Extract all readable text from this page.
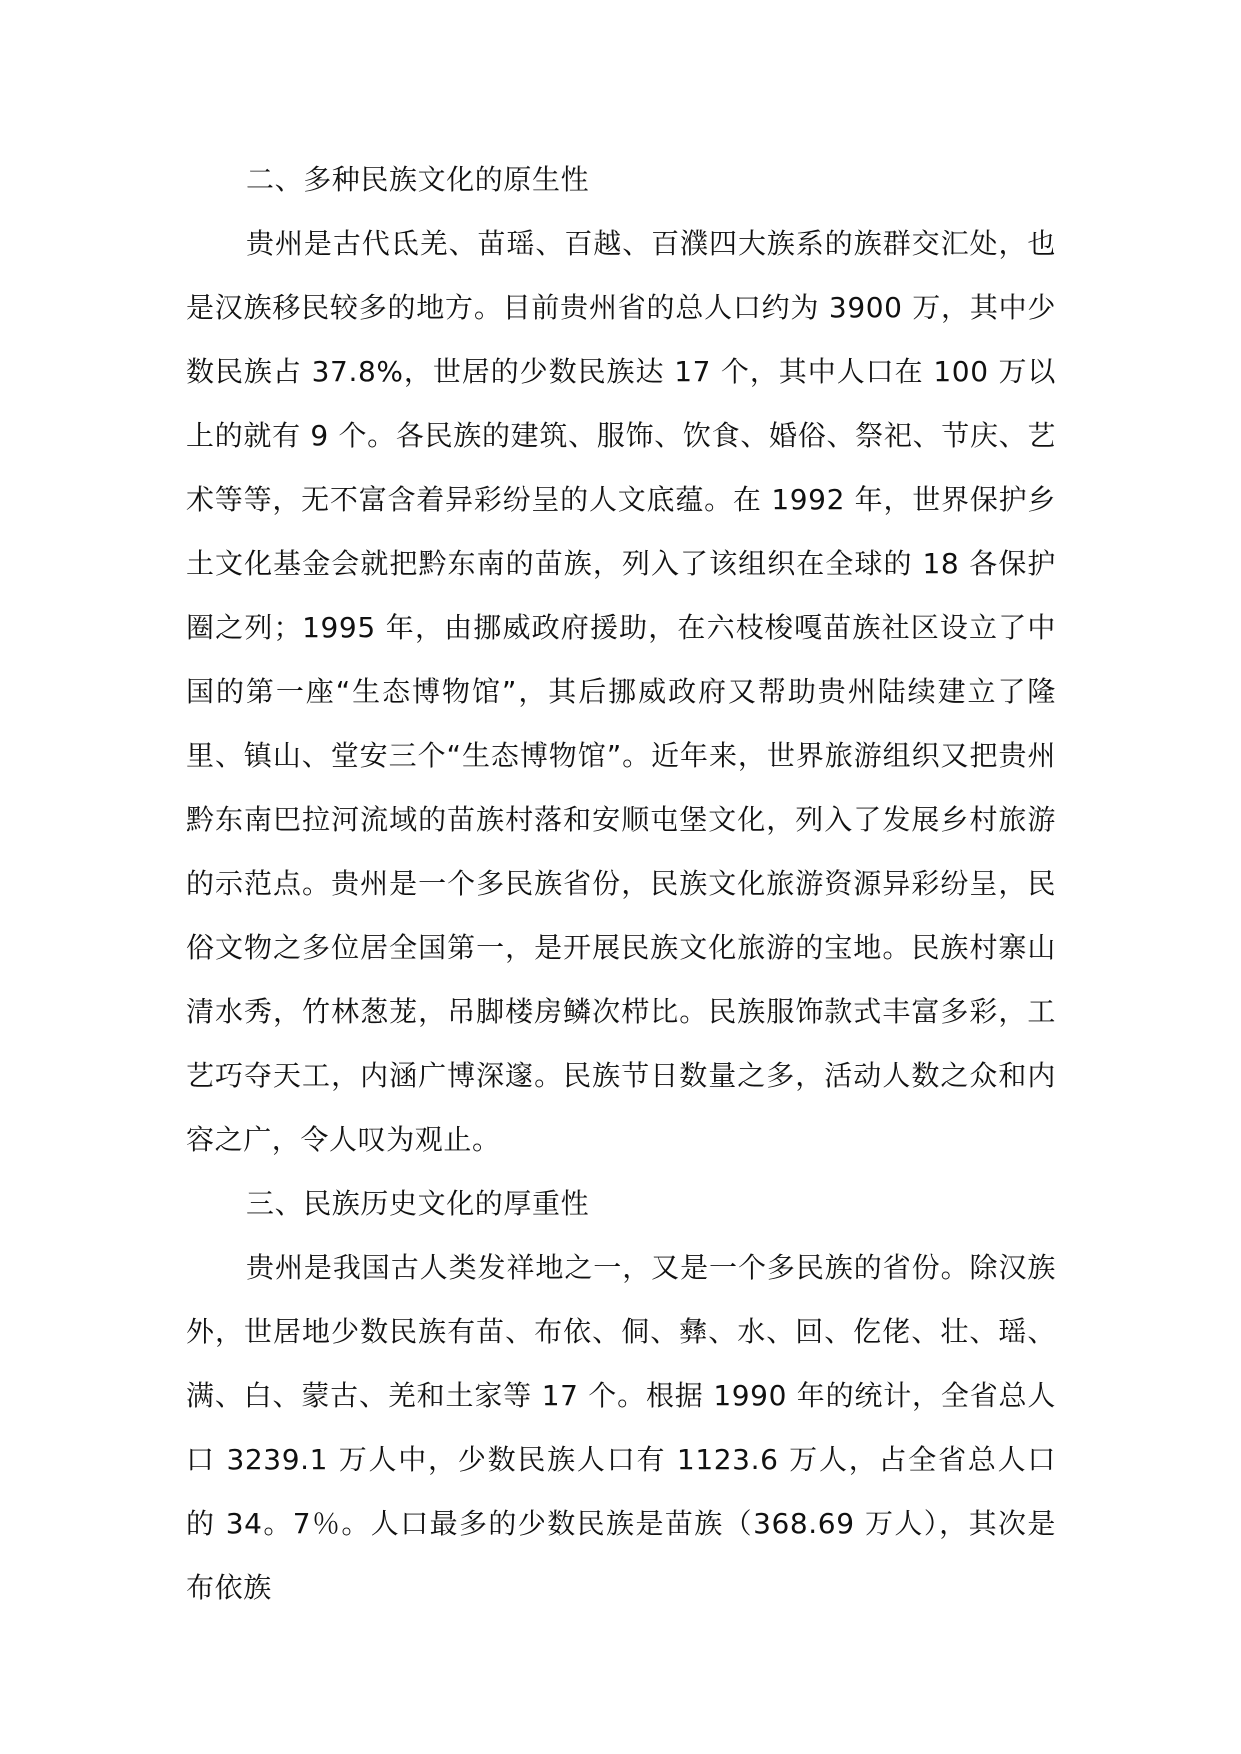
二、多种民族文化的原生性

贵州是古代氐羌、苗瑶、百越、百濮四大族系的族群交汇处，也是汉族移民较多的地方。目前贵州省的总人口约为 3900 万，其中少数民族占 37.8%，世居的少数民族达 17 个，其中人口在 100 万以上的就有 9 个。各民族的建筑、服饰、饮食、婚俗、祭祀、节庆、艺术等等，无不富含着异彩纷呈的人文底蕴。在 1992 年，世界保护乡土文化基金会就把黔东南的苗族，列入了该组织在全球的 18 各保护圈之列；1995 年，由挪威政府援助，在六枝梭嘎苗族社区设立了中国的第一座“生态博物馆”，其后挪威政府又帮助贵州陆续建立了隆里、镇山、堂安三个“生态博物馆”。近年来，世界旅游组织又把贵州黔东南巴拉河流域的苗族村落和安顺屯堡文化，列入了发展乡村旅游的示范点。贵州是一个多民族省份，民族文化旅游资源异彩纷呈，民俗文物之多位居全国第一，是开展民族文化旅游的宝地。民族村寨山清水秀，竹林葱茏，吊脚楼房鳞次栉比。民族服饰款式丰富多彩，工艺巧夺天工，内涵广博深邃。民族节日数量之多，活动人数之众和内容之广，令人叹为观止。

三、民族历史文化的厚重性

贵州是我国古人类发祥地之一，又是一个多民族的省份。除汉族外，世居地少数民族有苗、布依、侗、彝、水、回、仡佬、壮、瑶、满、白、蒙古、羌和土家等 17 个。根据 1990 年的统计，全省总人口 3239.1 万人中，少数民族人口有 1123.6 万人，占全省总人口的 34。7％。人口最多的少数民族是苗族（368.69 万人），其次是布依族
